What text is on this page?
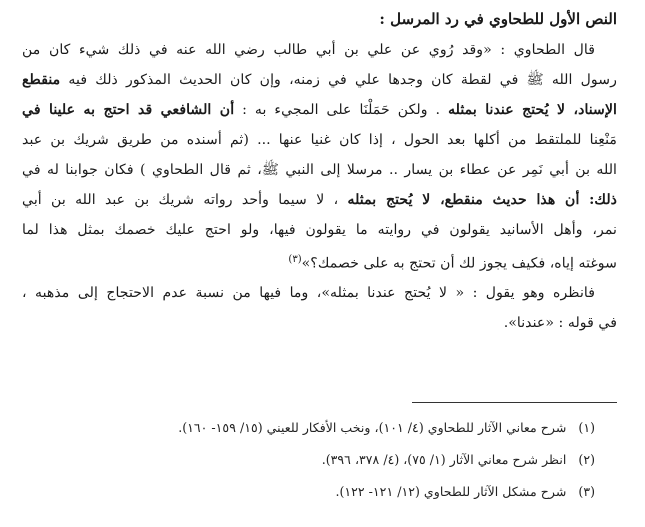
النص الأول للطحاوي في رد المرسل :
قال الطحاوي : «وقد رُوي عن علي بن أبي طالب رضي الله عنه في ذلك شيء كان من
رسول الله ﷺ في لقطة كان وجدها علي في زمنه، وإن كان الحديث المذكور ذلك فيه منقطع
الإسناد، لا يُحتج عندنا بمثله . ولكن حَمَلْنَا على المجيء به : أن الشافعي قد احتج به علينا في
مَنْعِنا للملتقط من أكلها بعد الحول ، إذا كان غنيا عنها ... (ثم أسنده من طريق شريك بن عبد
الله بن أبي نَمِر عن عطاء بن يسار .. مرسلا إلى النبي ﷺ، ثم قال الطحاوي ) فكان جوابنا له في
ذلك: أن هذا حديث منقطع، لا يُحتج بمثله ، لا سيما وأحد رواته شريك بن عبد الله بن أبي
نمر، وأهل الأسانيد يقولون في روايته ما يقولون فيها، ولو احتج عليك خصمك بمثل هذا لما
سوغته إياه، فكيف يجوز لك أن تحتج به على خصمك؟»$^{(٣)}$
فانظره وهو يقول : « لا يُحتج عندنا بمثله»، وما فيها من نسبة عدم الاحتجاج إلى مذهبه ،
في قوله : «عندنا».
(١)شرح معاني الآثار للطحاوي (٤/ ١٠١)، ونخب الأفكار للعيني (١٥/ ١٥٩- ١٦٠).
(٢)انظر شرح معاني الآثار (١/ ٧٥)، (٤/ ٣٧٨، ٣٩٦).
(٣)شرح مشكل الآثار للطحاوي (١٢/ ١٢١- ١٢٢).
